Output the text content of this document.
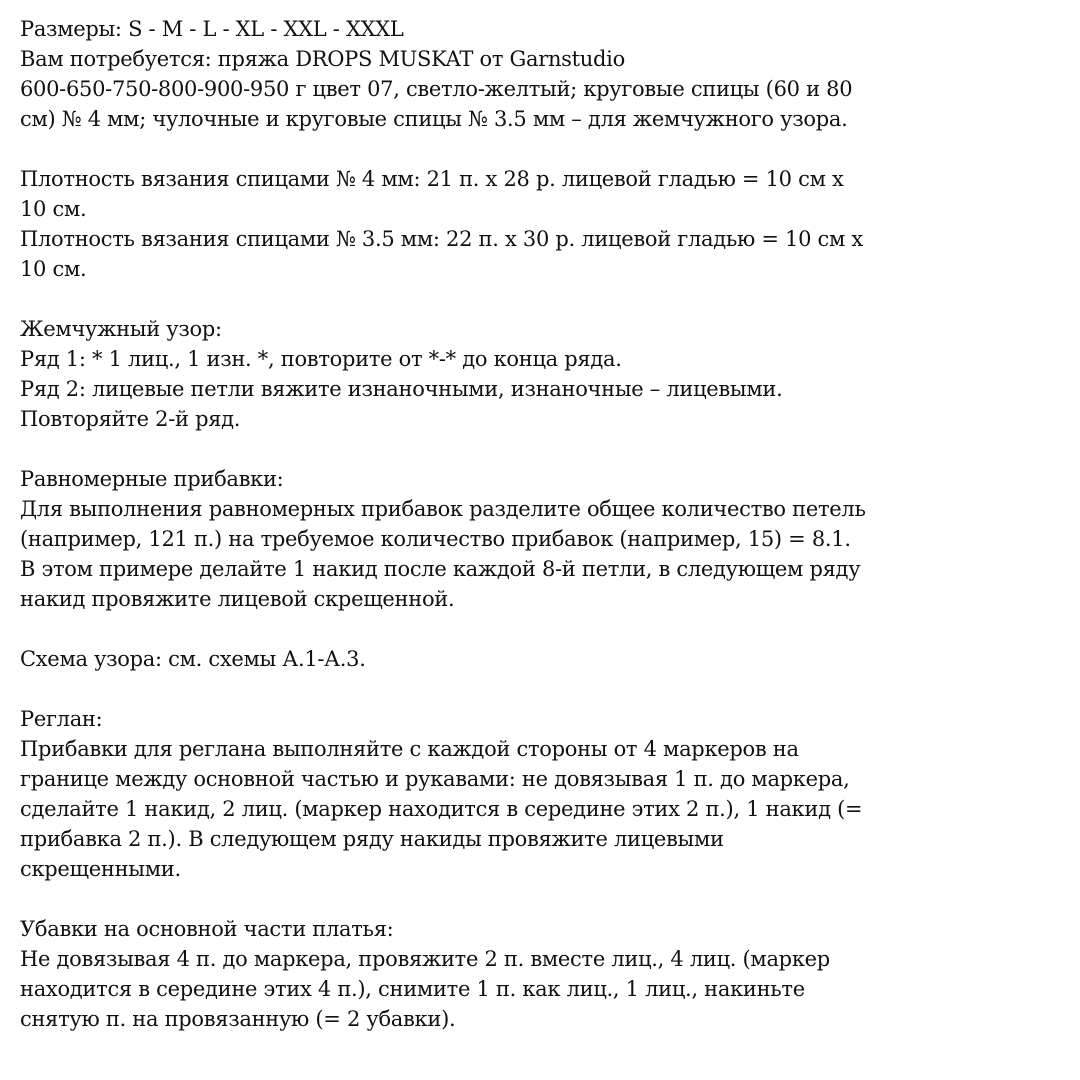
Размеры: S - M - L - XL - XXL - XXXL
Вам потребуется: пряжа DROPS MUSKAT от Garnstudio
600-650-750-800-900-950 г цвет 07, светло-желтый; круговые спицы (60 и 80
см) № 4 мм; чулочные и круговые спицы № 3.5 мм – для жемчужного узора.
Плотность вязания спицами № 4 мм: 21 п. х 28 р. лицевой гладью = 10 см х
10 см.
Плотность вязания спицами № 3.5 мм: 22 п. х 30 р. лицевой гладью = 10 см х
10 см.
Жемчужный узор:
Ряд 1: * 1 лиц., 1 изн. *, повторите от *-* до конца ряда.
Ряд 2: лицевые петли вяжите изнаночными, изнаночные – лицевыми.
Повторяйте 2-й ряд.
Равномерные прибавки:
Для выполнения равномерных прибавок разделите общее количество петель
(например, 121 п.) на требуемое количество прибавок (например, 15) = 8.1.
В этом примере делайте 1 накид после каждой 8-й петли, в следующем ряду
накид провяжите лицевой скрещенной.
Схема узора: см. схемы А.1-А.3.
Реглан:
Прибавки для реглана выполняйте с каждой стороны от 4 маркеров на
границе между основной частью и рукавами: не довязывая 1 п. до маркера,
сделайте 1 накид, 2 лиц. (маркер находится в середине этих 2 п.), 1 накид (=
прибавка 2 п.). В следующем ряду накиды провяжите лицевыми
скрещенными.
Убавки на основной части платья:
Не довязывая 4 п. до маркера, провяжите 2 п. вместе лиц., 4 лиц. (маркер
находится в середине этих 4 п.), снимите 1 п. как лиц., 1 лиц., накиньте
снятую п. на провязанную (= 2 убавки).
